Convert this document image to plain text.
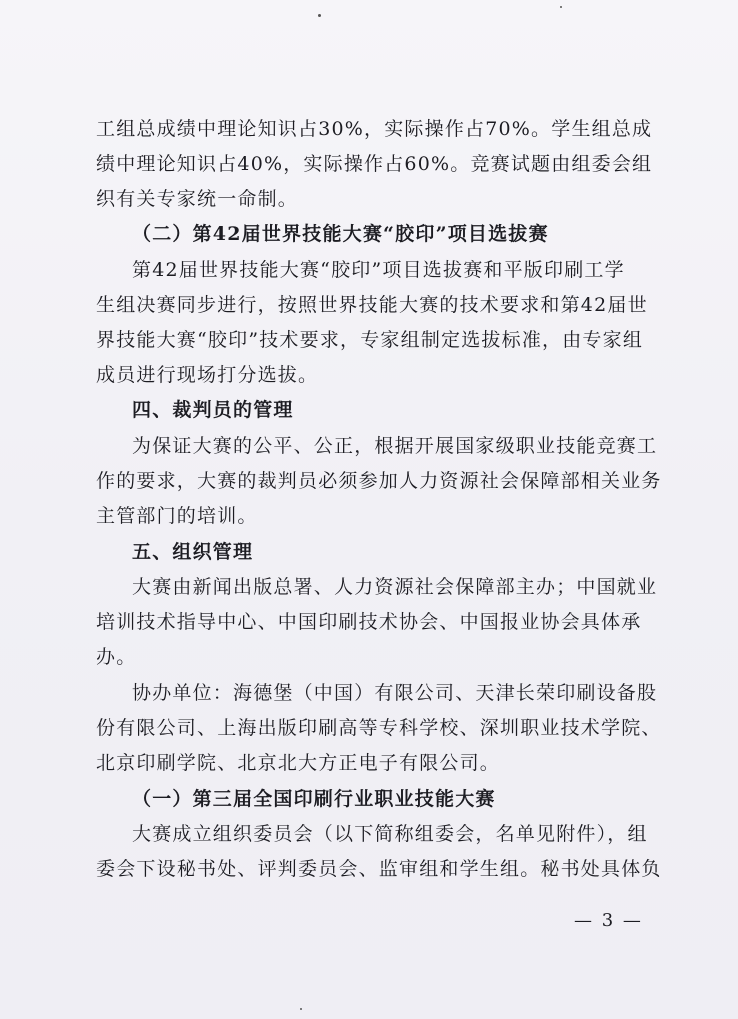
工组总成绩中理论知识占30%，实际操作占70%。学生组总成
绩中理论知识占40%，实际操作占60%。竞赛试题由组委会组
织有关专家统一命制。
（二）第42届世界技能大赛“胶印”项目选拔赛
第42届世界技能大赛“胶印”项目选拔赛和平版印刷工学
生组决赛同步进行，按照世界技能大赛的技术要求和第42届世
界技能大赛“胶印”技术要求，专家组制定选拔标准，由专家组
成员进行现场打分选拔。
四、裁判员的管理
为保证大赛的公平、公正，根据开展国家级职业技能竞赛工
作的要求，大赛的裁判员必须参加人力资源社会保障部相关业务
主管部门的培训。
五、组织管理
大赛由新闻出版总署、人力资源社会保障部主办；中国就业
培训技术指导中心、中国印刷技术协会、中国报业协会具体承
办。
协办单位：海德堡（中国）有限公司、天津长荣印刷设备股
份有限公司、上海出版印刷高等专科学校、深圳职业技术学院、
北京印刷学院、北京北大方正电子有限公司。
（一）第三届全国印刷行业职业技能大赛
大赛成立组织委员会（以下简称组委会，名单见附件），组
委会下设秘书处、评判委员会、监审组和学生组。秘书处具体负
— 3 —
